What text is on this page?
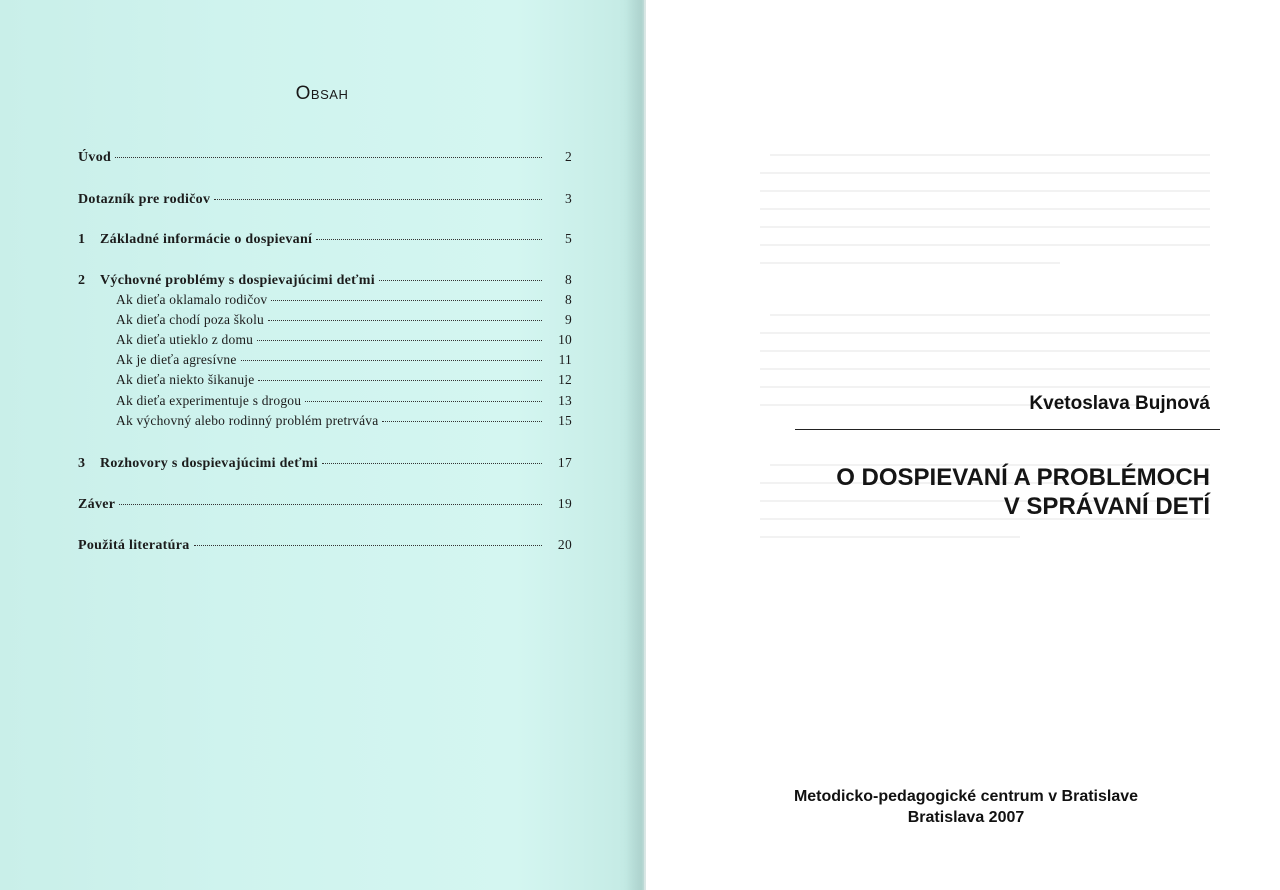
Obsah
Úvod	2
Dotazník pre rodičov	3
1	Základné informácie o dospievaní	5
2	Výchovné problémy s dospievajúcimi deťmi	8
Ak dieťa oklamalo rodičov	8
Ak dieťa chodí poza školu	9
Ak dieťa utieklo z domu	10
Ak je dieťa agresívne	11
Ak dieťa niekto šikanuje	12
Ak dieťa experimentuje s drogou	13
Ak výchovný alebo rodinný problém pretrváva	15
3	Rozhovory s dospievajúcimi deťmi	17
Záver	19
Použitá literatúra	20
Kvetoslava Bujnová
O DOSPIEVANÍ A PROBLÉMOCH
V SPRÁVANÍ DETÍ
Metodicko-pedagogické centrum v Bratislave
Bratislava 2007
